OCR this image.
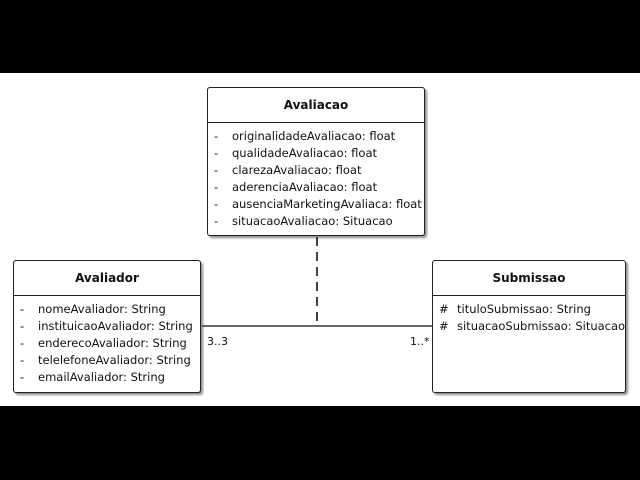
Avaliacao
- originalidadeAvaliacao: float
- qualidadeAvaliacao: float
- clarezaAvaliacao: float
- aderenciaAvaliacao: float
- ausenciaMarketingAvaliaca: float
- situacaoAvaliacao: Situacao
Avaliador
- nomeAvaliador: String
- instituicaoAvaliador: String
- enderecoAvaliador: String
- telelefoneAvaliador: String
- emailAvaliador: String
Submissao
# tituloSubmissao: String
# situacaoSubmissao: Situacao
3..3	1..*
